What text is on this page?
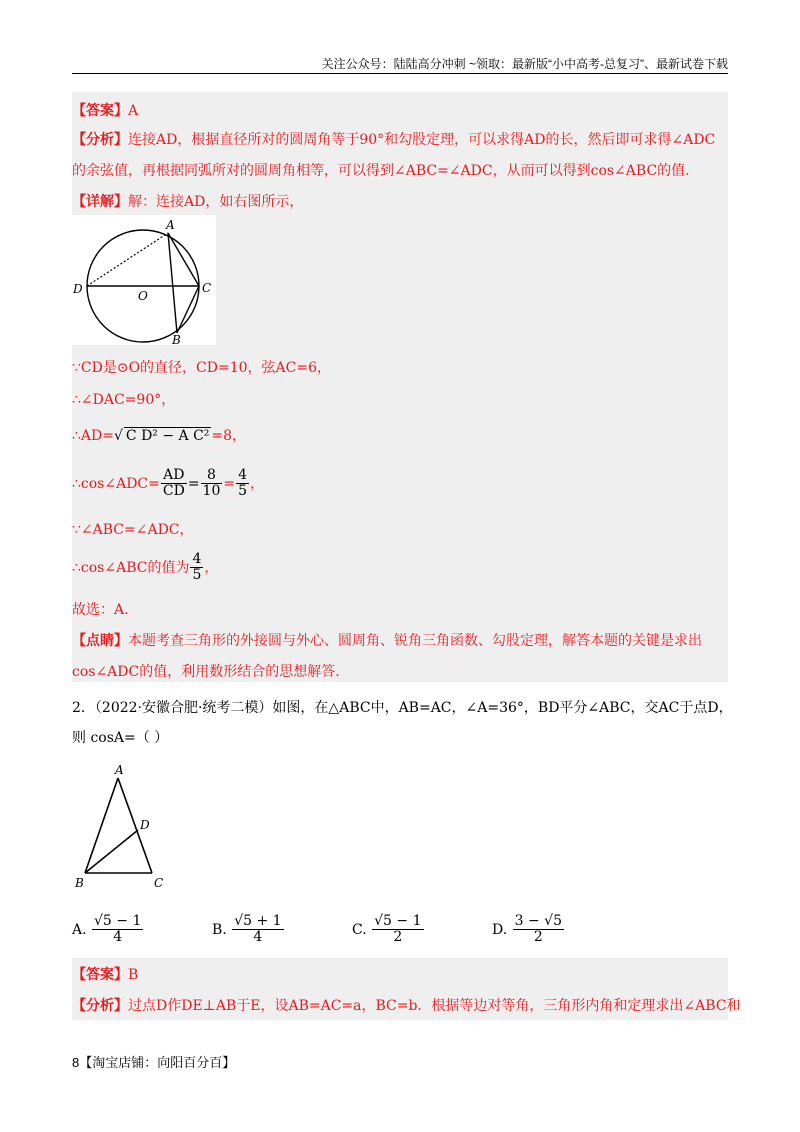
关注公众号：陆陆高分冲刺 ~领取：最新版“小中高考-总复习”、最新试卷下载
【答案】A
【分析】连接AD，根据直径所对的圆周角等于90°和勾股定理，可以求得AD的长，然后即可求得∠ADC
的余弦值，再根据同弧所对的圆周角相等，可以得到∠ABC=∠ADC，从而可以得到cos∠ABC的值.
【详解】解：连接AD，如右图所示，
A
D	O
C
B
∵CD是⊙O的直径，CD=10，弦AC=6，
∴∠DAC=90°，
∴AD=√ C D² − A C² =8，
∴cos∠ADC= $\frac{AD}{CD} = \frac{8}{10} = \frac{4}{5}$ ，
∵∠ABC=∠ADC，
∴cos∠ABC的值为 $\frac{4}{5}$ ，
故选：A.
【点睛】本题考查三角形的外接圆与外心、圆周角、锐角三角函数、勾股定理，解答本题的关键是求出
cos∠ADC的值，利用数形结合的思想解答.
2．（2022·安徽合肥·统考二模）如图，在△ABC中，AB=AC，∠A=36°，BD平分∠ABC，交AC于点D，
则 cosA=（ ）
A
D
B	C
A. $\frac{√5 - 1}{4}$	B. $\frac{√5 + 1}{4}$	C. $\frac{√5 - 1}{2}$	D. $\frac{3 - √5}{2}$
【答案】B
【分析】过点D作DE⊥AB于E，设AB=AC=a，BC=b．根据等边对等角，三角形内角和定理求出∠ABC和
8【淘宝店铺：向阳百分百】
